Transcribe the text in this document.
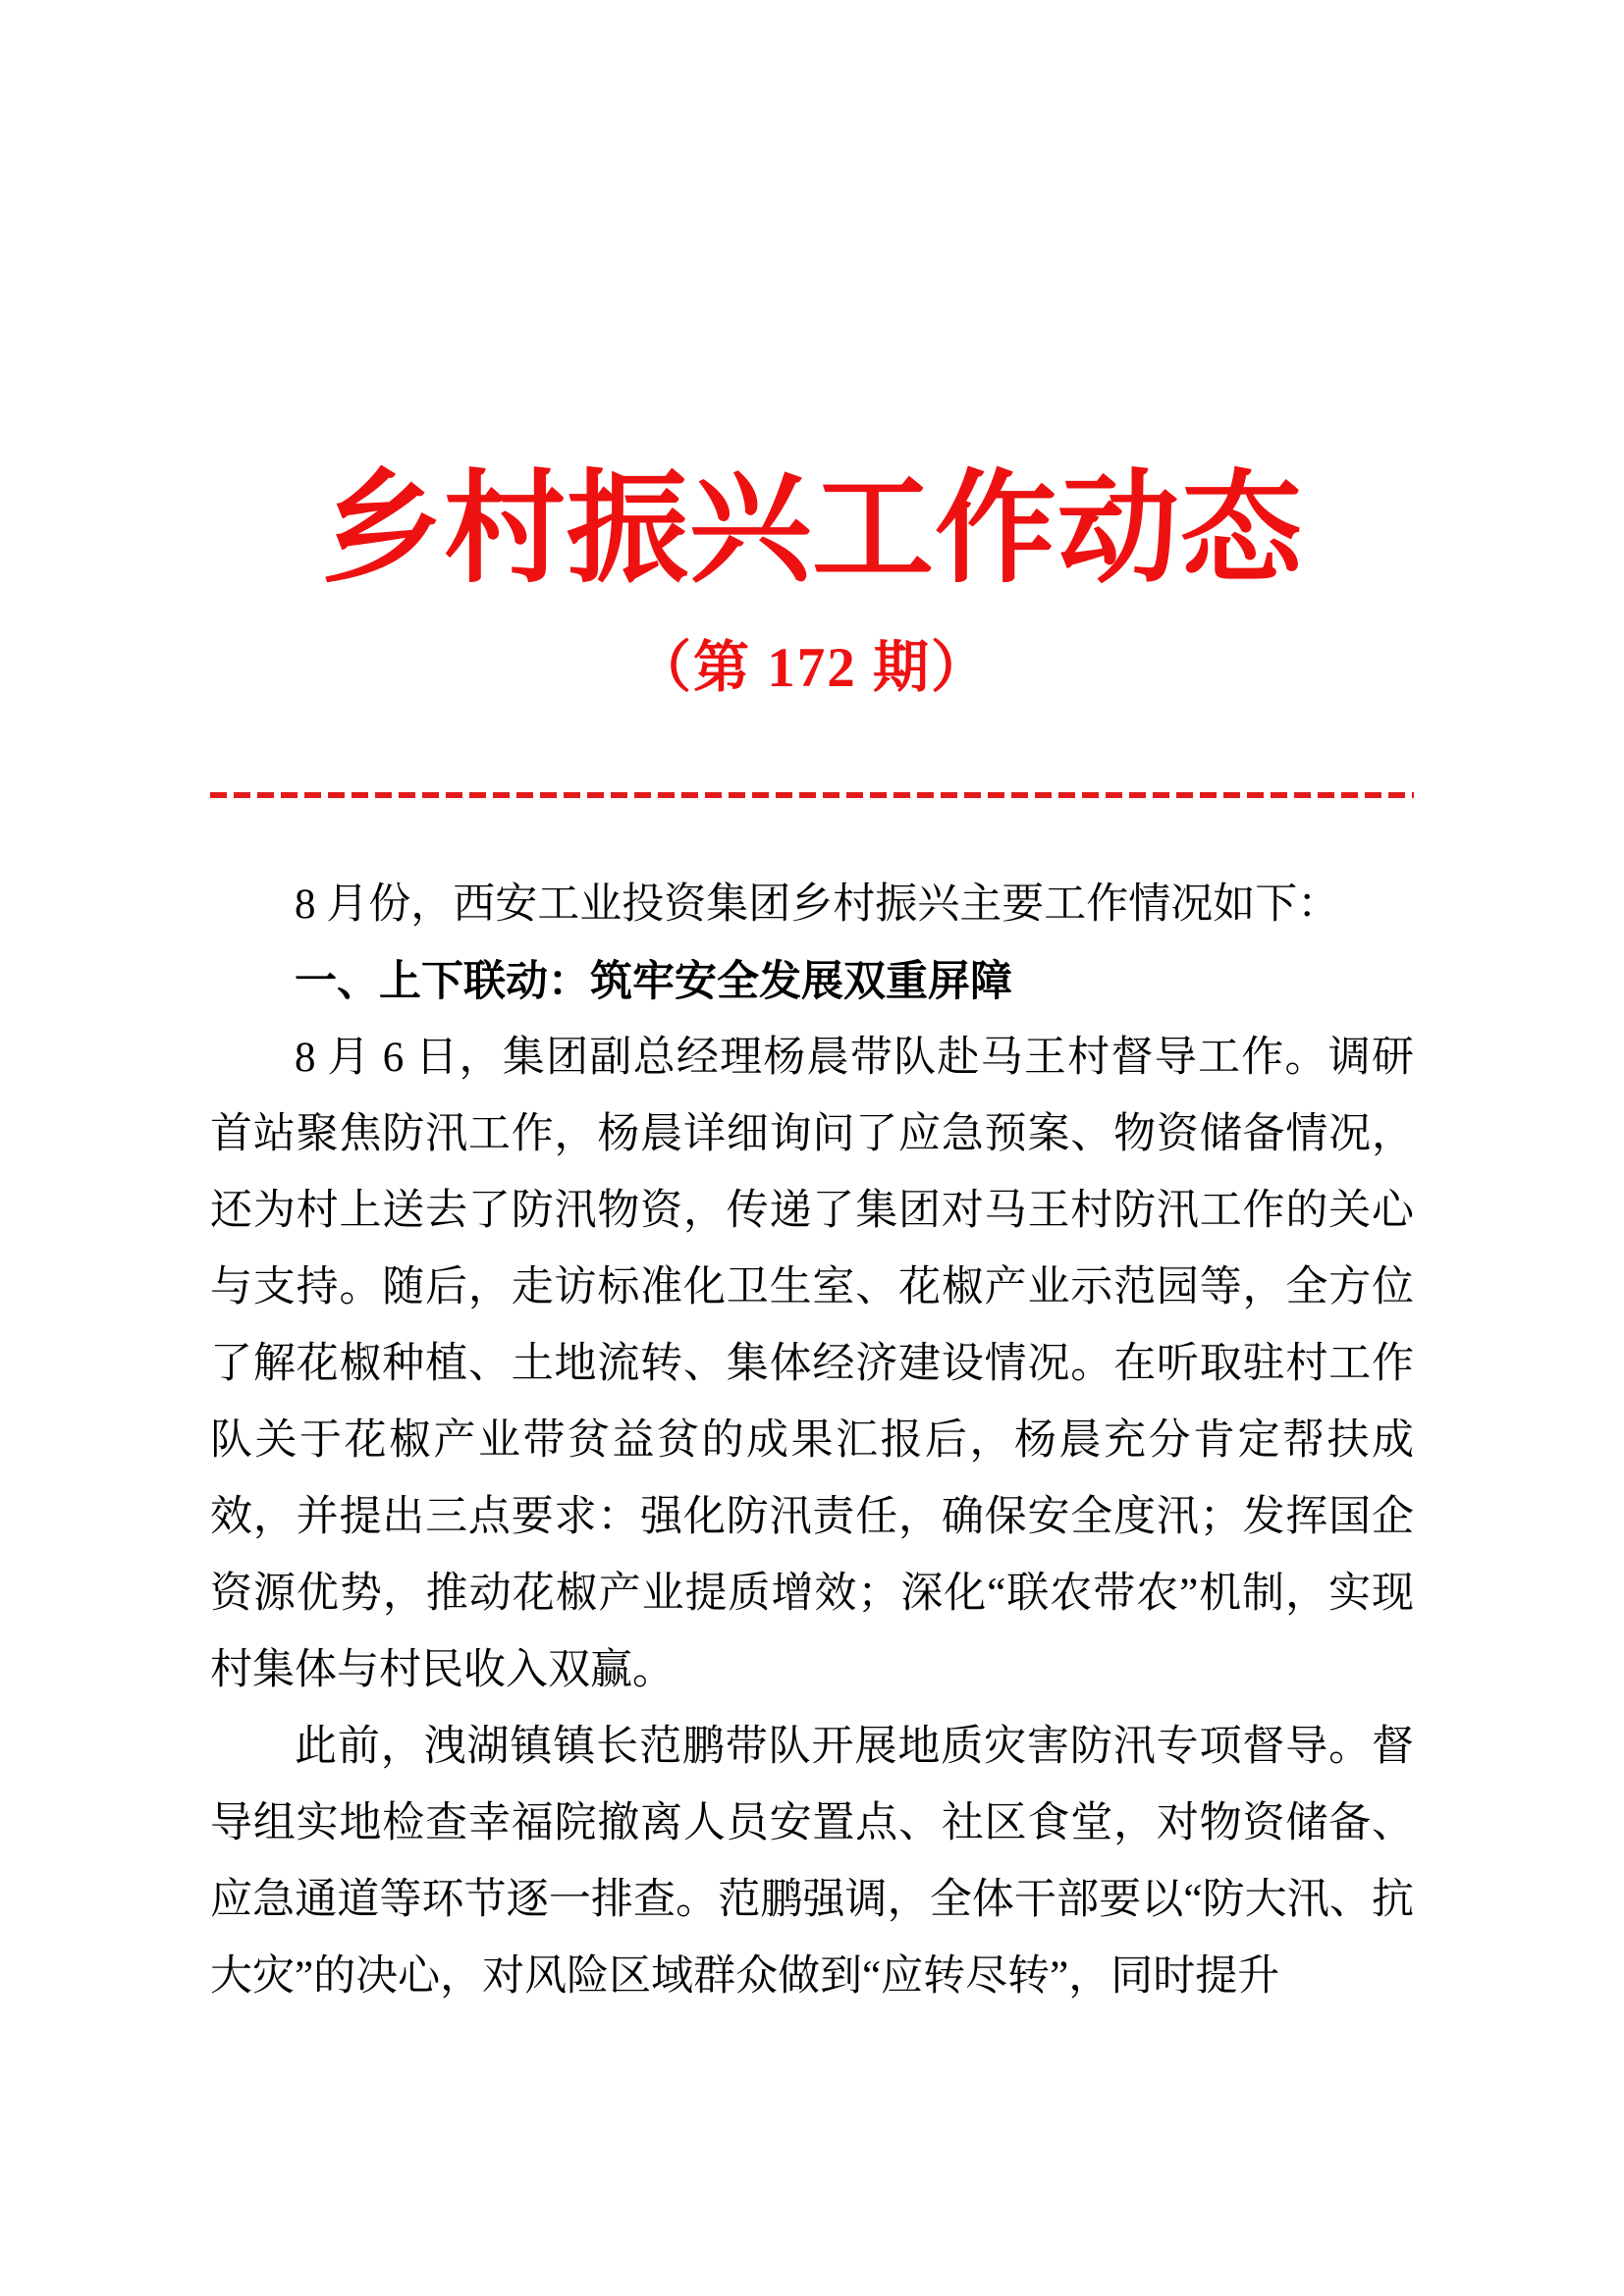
乡村振兴工作动态
（第 172 期）

8 月份，西安工业投资集团乡村振兴主要工作情况如下：

一、上下联动：筑牢安全发展双重屏障

8 月 6 日，集团副总经理杨晨带队赴马王村督导工作。调研首站聚焦防汛工作，杨晨详细询问了应急预案、物资储备情况，还为村上送去了防汛物资，传递了集团对马王村防汛工作的关心与支持。随后，走访标准化卫生室、花椒产业示范园等，全方位了解花椒种植、土地流转、集体经济建设情况。在听取驻村工作队关于花椒产业带贫益贫的成果汇报后，杨晨充分肯定帮扶成效，并提出三点要求：强化防汛责任，确保安全度汛；发挥国企资源优势，推动花椒产业提质增效；深化“联农带农”机制，实现村集体与村民收入双赢。

此前，洩湖镇镇长范鹏带队开展地质灾害防汛专项督导。督导组实地检查幸福院撤离人员安置点、社区食堂，对物资储备、应急通道等环节逐一排查。范鹏强调，全体干部要以“防大汛、抗大灾”的决心，对风险区域群众做到“应转尽转”，同时提升
